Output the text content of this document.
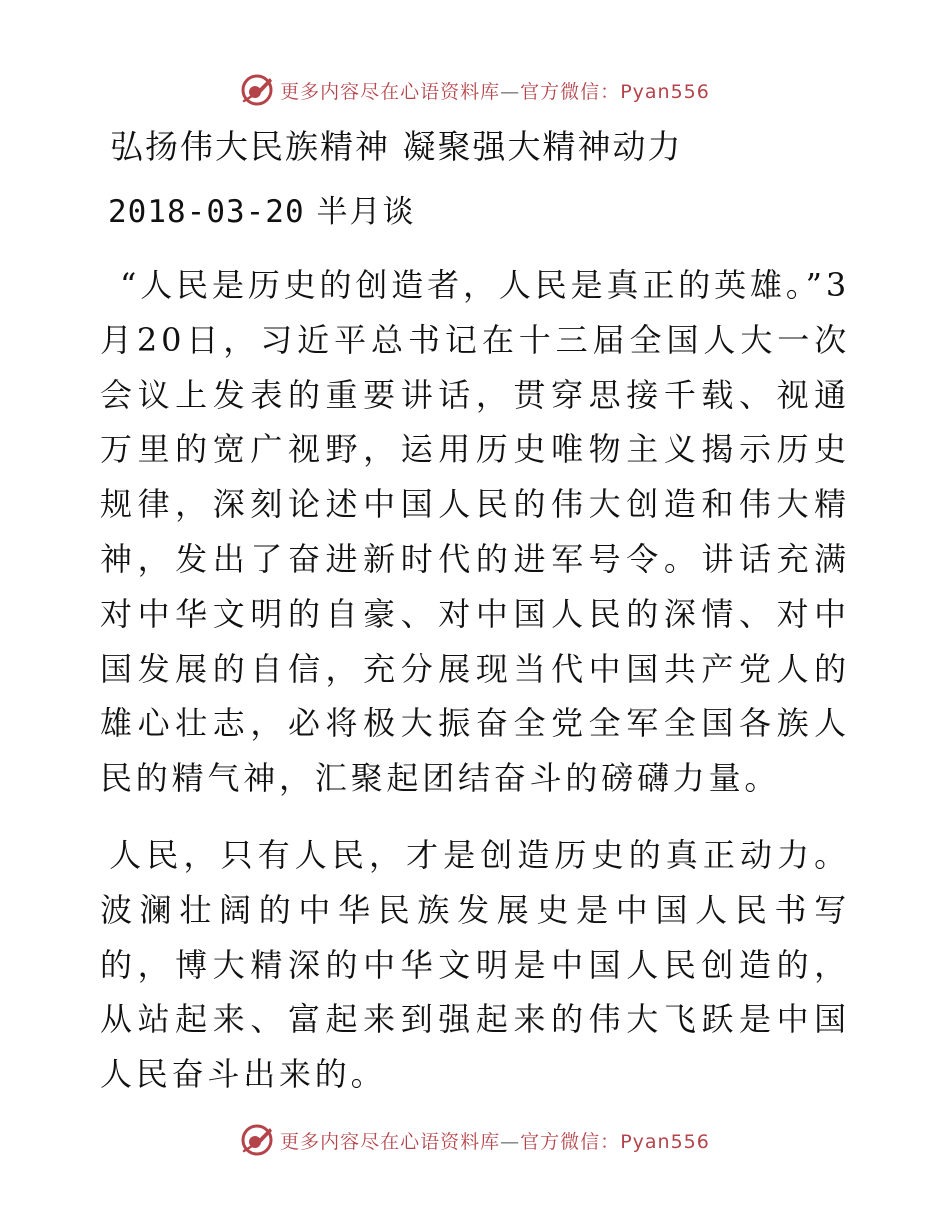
更多内容尽在心语资料库—官方微信：Pyan556
弘扬伟大民族精神 凝聚强大精神动力
2018-03-20 半月谈

“人民是历史的创造者，人民是真正的英雄。”3月20日，习近平总书记在十三届全国人大一次会议上发表的重要讲话，贯穿思接千载、视通万里的宽广视野，运用历史唯物主义揭示历史规律，深刻论述中国人民的伟大创造和伟大精神，发出了奋进新时代的进军号令。讲话充满对中华文明的自豪、对中国人民的深情、对中国发展的自信，充分展现当代中国共产党人的雄心壮志，必将极大振奋全党全军全国各族人民的精气神，汇聚起团结奋斗的磅礴力量。

人民，只有人民，才是创造历史的真正动力。波澜壮阔的中华民族发展史是中国人民书写的，博大精深的中华文明是中国人民创造的，从站起来、富起来到强起来的伟大飞跃是中国人民奋斗出来的。

更多内容尽在心语资料库—官方微信：Pyan556
